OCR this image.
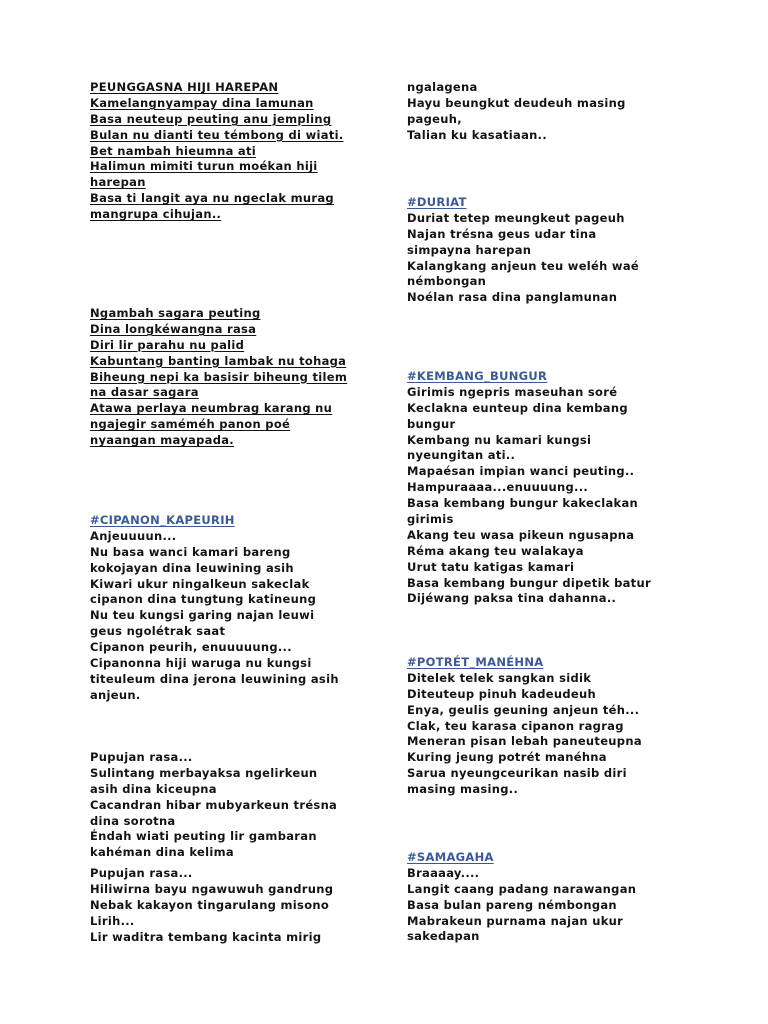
PEUNGGASNA HIJI HAREPAN
Kamelangnyampay dina lamunan
Basa neuteup peuting anu jempling
Bulan nu dianti teu témbong di wiati.
Bet nambah hieumna ati
Halimun mimiti turun moékan hiji
harepan
Basa ti langit aya nu ngeclak murag
mangrupa cihujan..
Ngambah sagara peuting
Dina longkéwangna rasa
Diri lir parahu nu palid
Kabuntang banting lambak nu tohaga
Biheung nepi ka basisir biheung tilem
na dasar sagara
Atawa perlaya neumbrag karang nu
ngajegir saméméh panon poé
nyaangan mayapada.
#CIPANON_KAPEURIH
Anjeuuuun...
Nu basa wanci kamari bareng
kokojayan dina leuwining asih
Kiwari ukur ningalkeun sakeclak
cipanon dina tungtung katineung
Nu teu kungsi garing najan leuwi
geus ngolétrak saat
Cipanon peurih, enuuuuung...
Cipanonna hiji waruga nu kungsi
titeuleum dina jerona leuwining asih
anjeun.
Pupujan rasa...
Sulintang merbayaksa ngelirkeun
asih dina kiceupna
Cacandran hibar mubyarkeun trésna
dina sorotna
Éndah wiati peuting lir gambaran
kahéman dina kelima
Pupujan rasa...
Hiliwirna bayu ngawuwuh gandrung
Nebak kakayon tingarulang misono
Lirih...
Lir waditra tembang kacinta mirig
ngalagena
Hayu beungkut deudeuh masing
pageuh,
Talian ku kasatiaan..
#DURIAT
Duriat tetep meungkeut pageuh
Najan trésna geus udar tina
simpayna harepan
Kalangkang anjeun teu weléh waé
némbongan
Noélan rasa dina panglamunan
#KEMBANG_BUNGUR
Girimis ngepris maseuhan soré
Keclakna eunteup dina kembang
bungur
Kembang nu kamari kungsi
nyeungitan ati..
Mapaésan impian wanci peuting..
Hampuraaaa...enuuuung...
Basa kembang bungur kakeclakan
girimis
Akang teu wasa pikeun ngusapna
Réma akang teu walakaya
Urut tatu katigas kamari
Basa kembang bungur dipetik batur
Dijéwang paksa tina dahanna..
#POTRÉT_MANÉHNA
Ditelek telek sangkan sidik
Diteuteup pinuh kadeudeuh
Enya, geulis geuning anjeun téh...
Clak, teu karasa cipanon ragrag
Meneran pisan lebah paneuteupna
Kuring jeung potrét manéhna
Sarua nyeungceurikan nasib diri
masing masing..
#SAMAGAHA
Braaaay....
Langit caang padang narawangan
Basa bulan pareng némbongan
Mabrakeun purnama najan ukur
sakedapan
